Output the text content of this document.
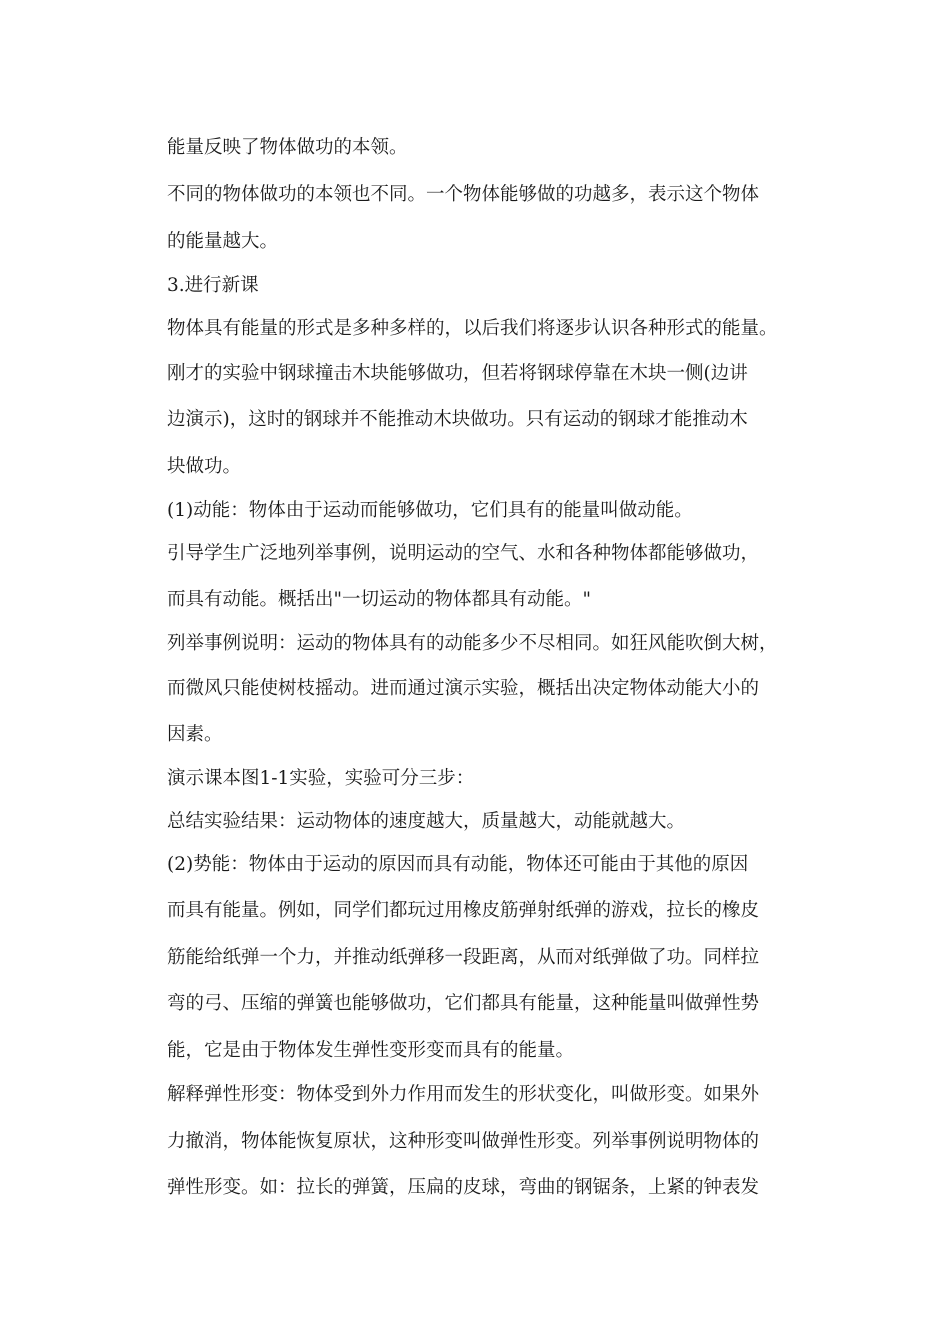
能量反映了物体做功的本领。
不同的物体做功的本领也不同。一个物体能够做的功越多，表示这个物体
的能量越大。
3.进行新课
物体具有能量的形式是多种多样的，以后我们将逐步认识各种形式的能量。
刚才的实验中钢球撞击木块能够做功，但若将钢球停靠在木块一侧(边讲
边演示)，这时的钢球并不能推动木块做功。只有运动的钢球才能推动木
块做功。
(1)动能：物体由于运动而能够做功，它们具有的能量叫做动能。
引导学生广泛地列举事例，说明运动的空气、水和各种物体都能够做功，
而具有动能。概括出"一切运动的物体都具有动能。"
列举事例说明：运动的物体具有的动能多少不尽相同。如狂风能吹倒大树，
而微风只能使树枝摇动。进而通过演示实验，概括出决定物体动能大小的
因素。
演示课本图1-1实验，实验可分三步：
总结实验结果：运动物体的速度越大，质量越大，动能就越大。
(2)势能：物体由于运动的原因而具有动能，物体还可能由于其他的原因
而具有能量。例如，同学们都玩过用橡皮筋弹射纸弹的游戏，拉长的橡皮
筋能给纸弹一个力，并推动纸弹移一段距离，从而对纸弹做了功。同样拉
弯的弓、压缩的弹簧也能够做功，它们都具有能量，这种能量叫做弹性势
能，它是由于物体发生弹性变形变而具有的能量。
解释弹性形变：物体受到外力作用而发生的形状变化，叫做形变。如果外
力撤消，物体能恢复原状，这种形变叫做弹性形变。列举事例说明物体的
弹性形变。如：拉长的弹簧，压扁的皮球，弯曲的钢锯条，上紧的钟表发
